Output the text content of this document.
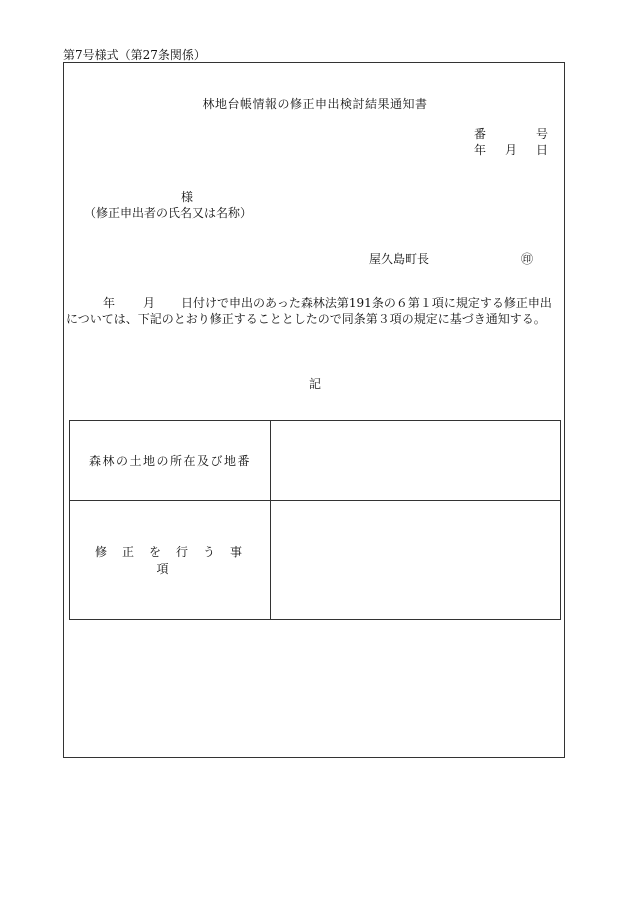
第7号様式（第27条関係）
林地台帳情報の修正申出検討結果通知書
番	号
年 月 日
様
（修正申出者の氏名又は名称）
屋久島町長	㊞
年 月 日付けで申出のあった森林法第191条の６第１項に規定する修正申出については、下記のとおり修正することとしたので同条第３項の規定に基づき通知する。
記
森林の土地の所在及び地番	
修正を行う事項	
